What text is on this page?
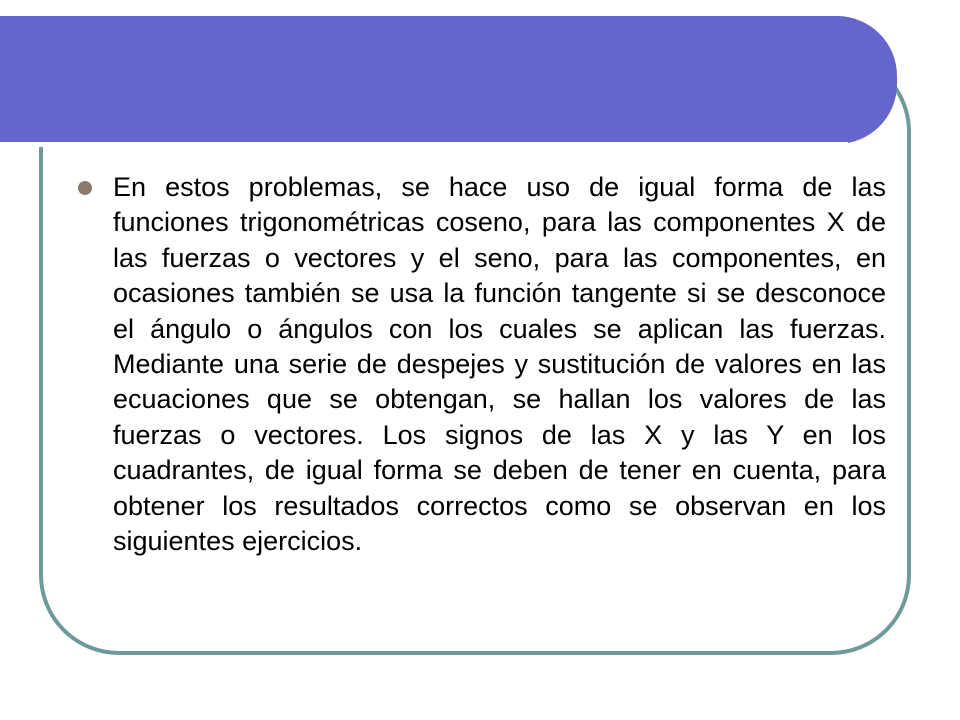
En estos problemas, se hace uso de igual forma de las funciones trigonométricas coseno, para las componentes X de las fuerzas o vectores y el seno, para las componentes, en ocasiones también se usa la función tangente si se desconoce el ángulo o ángulos con los cuales se aplican las fuerzas. Mediante una serie de despejes y sustitución de valores en las ecuaciones que se obtengan, se hallan los valores de las fuerzas o vectores. Los signos de las X y las Y en los cuadrantes, de igual forma se deben de tener en cuenta, para obtener los resultados correctos como se observan en los siguientes ejercicios.
